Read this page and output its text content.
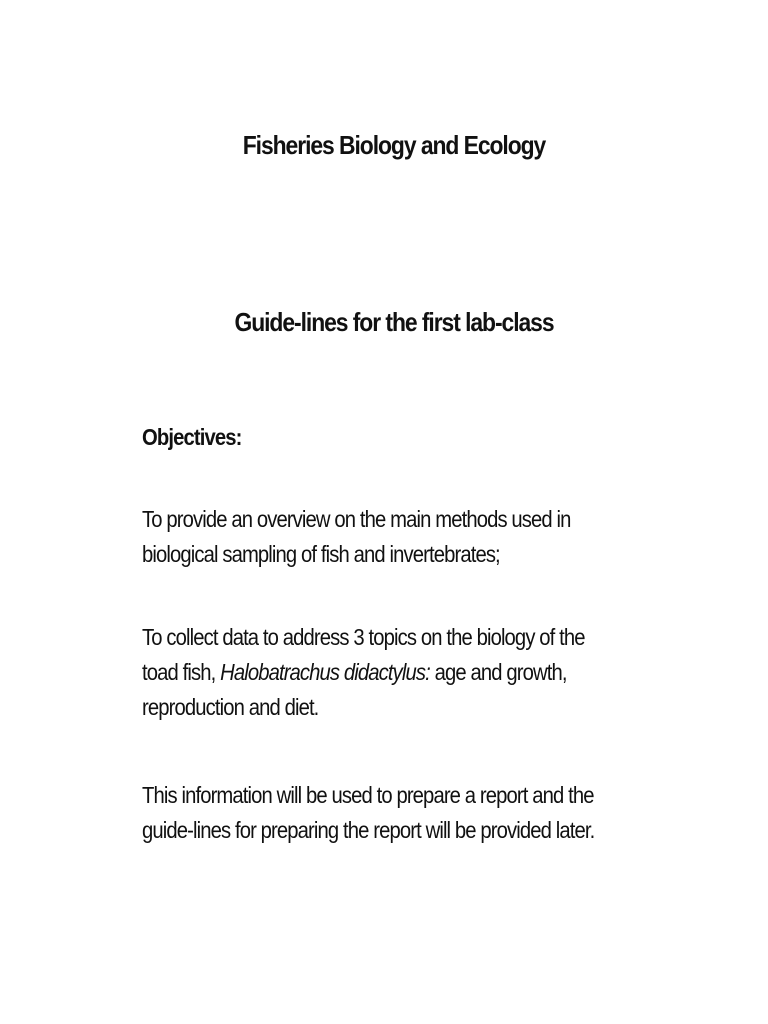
Fisheries Biology and Ecology
Guide-lines for the first lab-class
Objectives:

To provide an overview on the main methods used in
biological sampling of fish and invertebrates;

To collect data to address 3 topics on the biology of the
toad fish, Halobatrachus didactylus: age and growth,
reproduction and diet.

This information will be used to prepare a report and the
guide-lines for preparing the report will be provided later.
